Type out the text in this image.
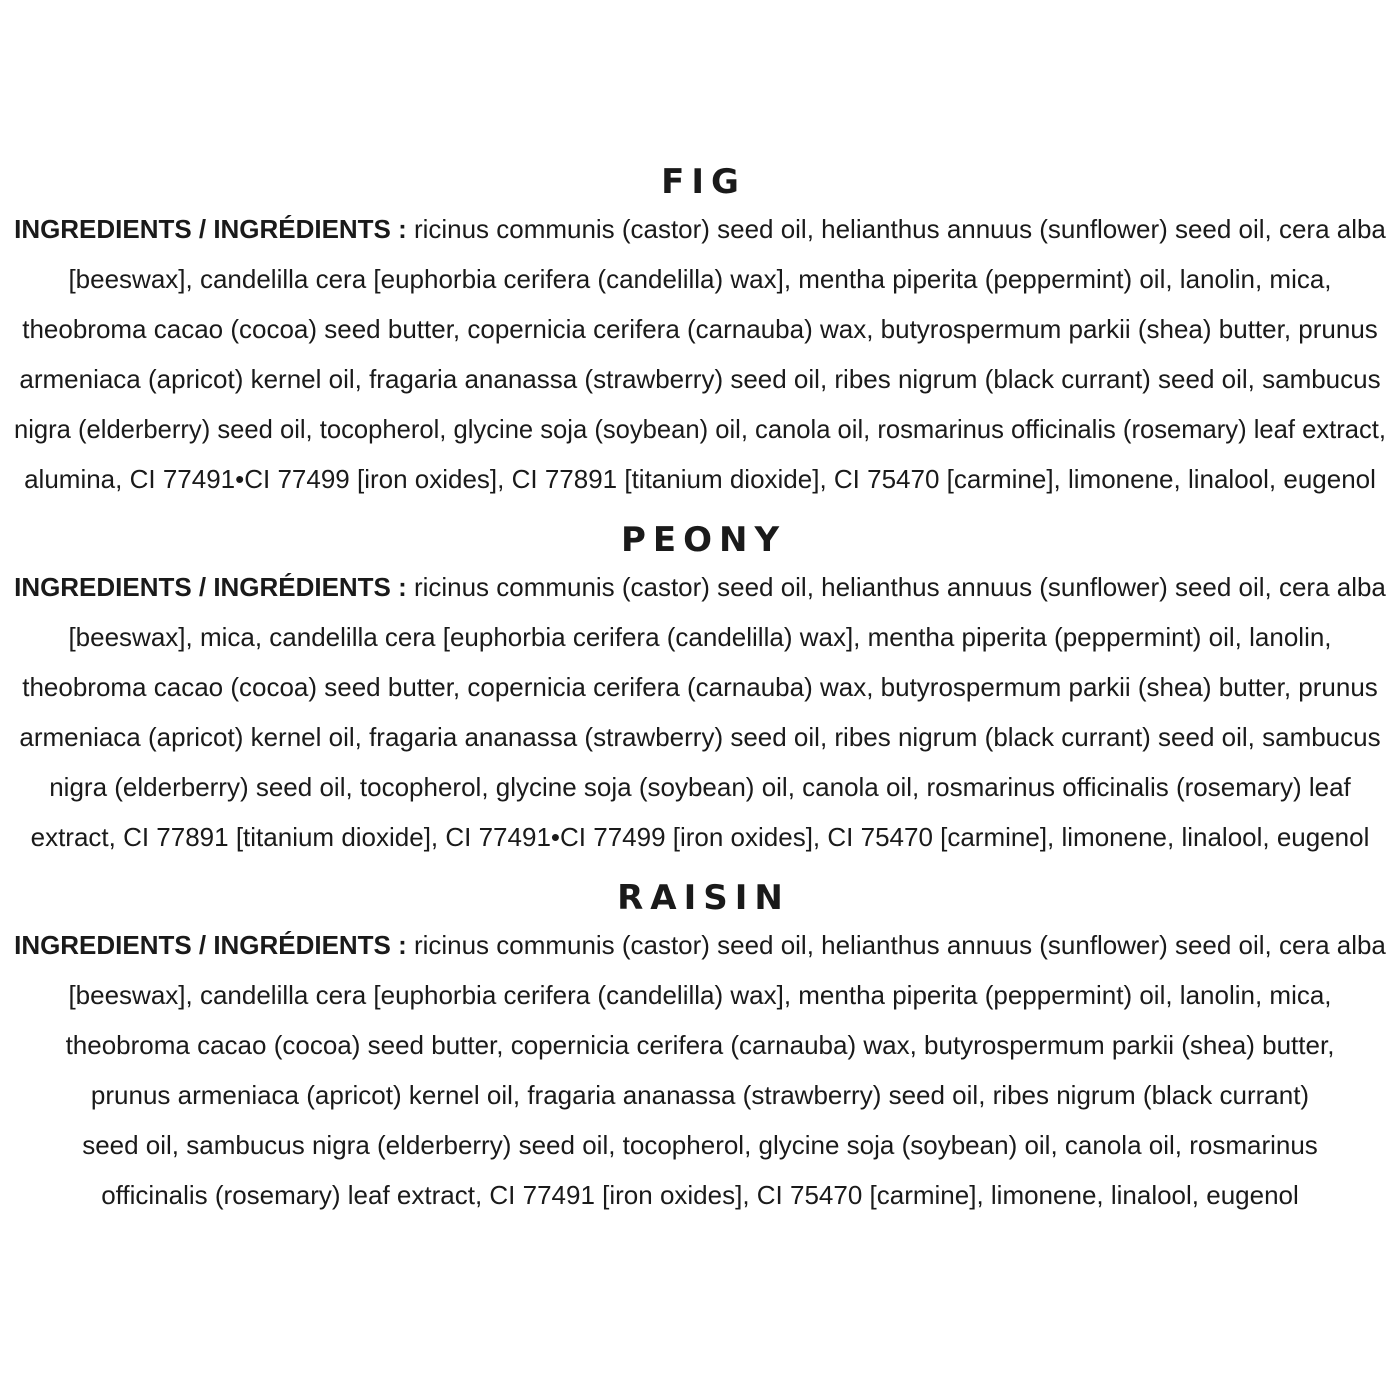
FIG
INGREDIENTS / INGRÉDIENTS : ricinus communis (castor) seed oil, helianthus annuus (sunflower) seed oil, cera alba
[beeswax], candelilla cera [euphorbia cerifera (candelilla) wax], mentha piperita (peppermint) oil, lanolin, mica,
theobroma cacao (cocoa) seed butter, copernicia cerifera (carnauba) wax, butyrospermum parkii (shea) butter, prunus
armeniaca (apricot) kernel oil, fragaria ananassa (strawberry) seed oil, ribes nigrum (black currant) seed oil, sambucus
nigra (elderberry) seed oil, tocopherol, glycine soja (soybean) oil, canola oil, rosmarinus officinalis (rosemary) leaf extract,
alumina, CI 77491•CI 77499 [iron oxides], CI 77891 [titanium dioxide], CI 75470 [carmine], limonene, linalool, eugenol
PEONY
INGREDIENTS / INGRÉDIENTS : ricinus communis (castor) seed oil, helianthus annuus (sunflower) seed oil, cera alba
[beeswax], mica, candelilla cera [euphorbia cerifera (candelilla) wax], mentha piperita (peppermint) oil, lanolin,
theobroma cacao (cocoa) seed butter, copernicia cerifera (carnauba) wax, butyrospermum parkii (shea) butter, prunus
armeniaca (apricot) kernel oil, fragaria ananassa (strawberry) seed oil, ribes nigrum (black currant) seed oil, sambucus
nigra (elderberry) seed oil, tocopherol, glycine soja (soybean) oil, canola oil, rosmarinus officinalis (rosemary) leaf
extract, CI 77891 [titanium dioxide], CI 77491•CI 77499 [iron oxides], CI 75470 [carmine], limonene, linalool, eugenol
RAISIN
INGREDIENTS / INGRÉDIENTS : ricinus communis (castor) seed oil, helianthus annuus (sunflower) seed oil, cera alba
[beeswax], candelilla cera [euphorbia cerifera (candelilla) wax], mentha piperita (peppermint) oil, lanolin, mica,
theobroma cacao (cocoa) seed butter, copernicia cerifera (carnauba) wax, butyrospermum parkii (shea) butter,
prunus armeniaca (apricot) kernel oil, fragaria ananassa (strawberry) seed oil, ribes nigrum (black currant)
seed oil, sambucus nigra (elderberry) seed oil, tocopherol, glycine soja (soybean) oil, canola oil, rosmarinus
officinalis (rosemary) leaf extract, CI 77491 [iron oxides], CI 75470 [carmine], limonene, linalool, eugenol
